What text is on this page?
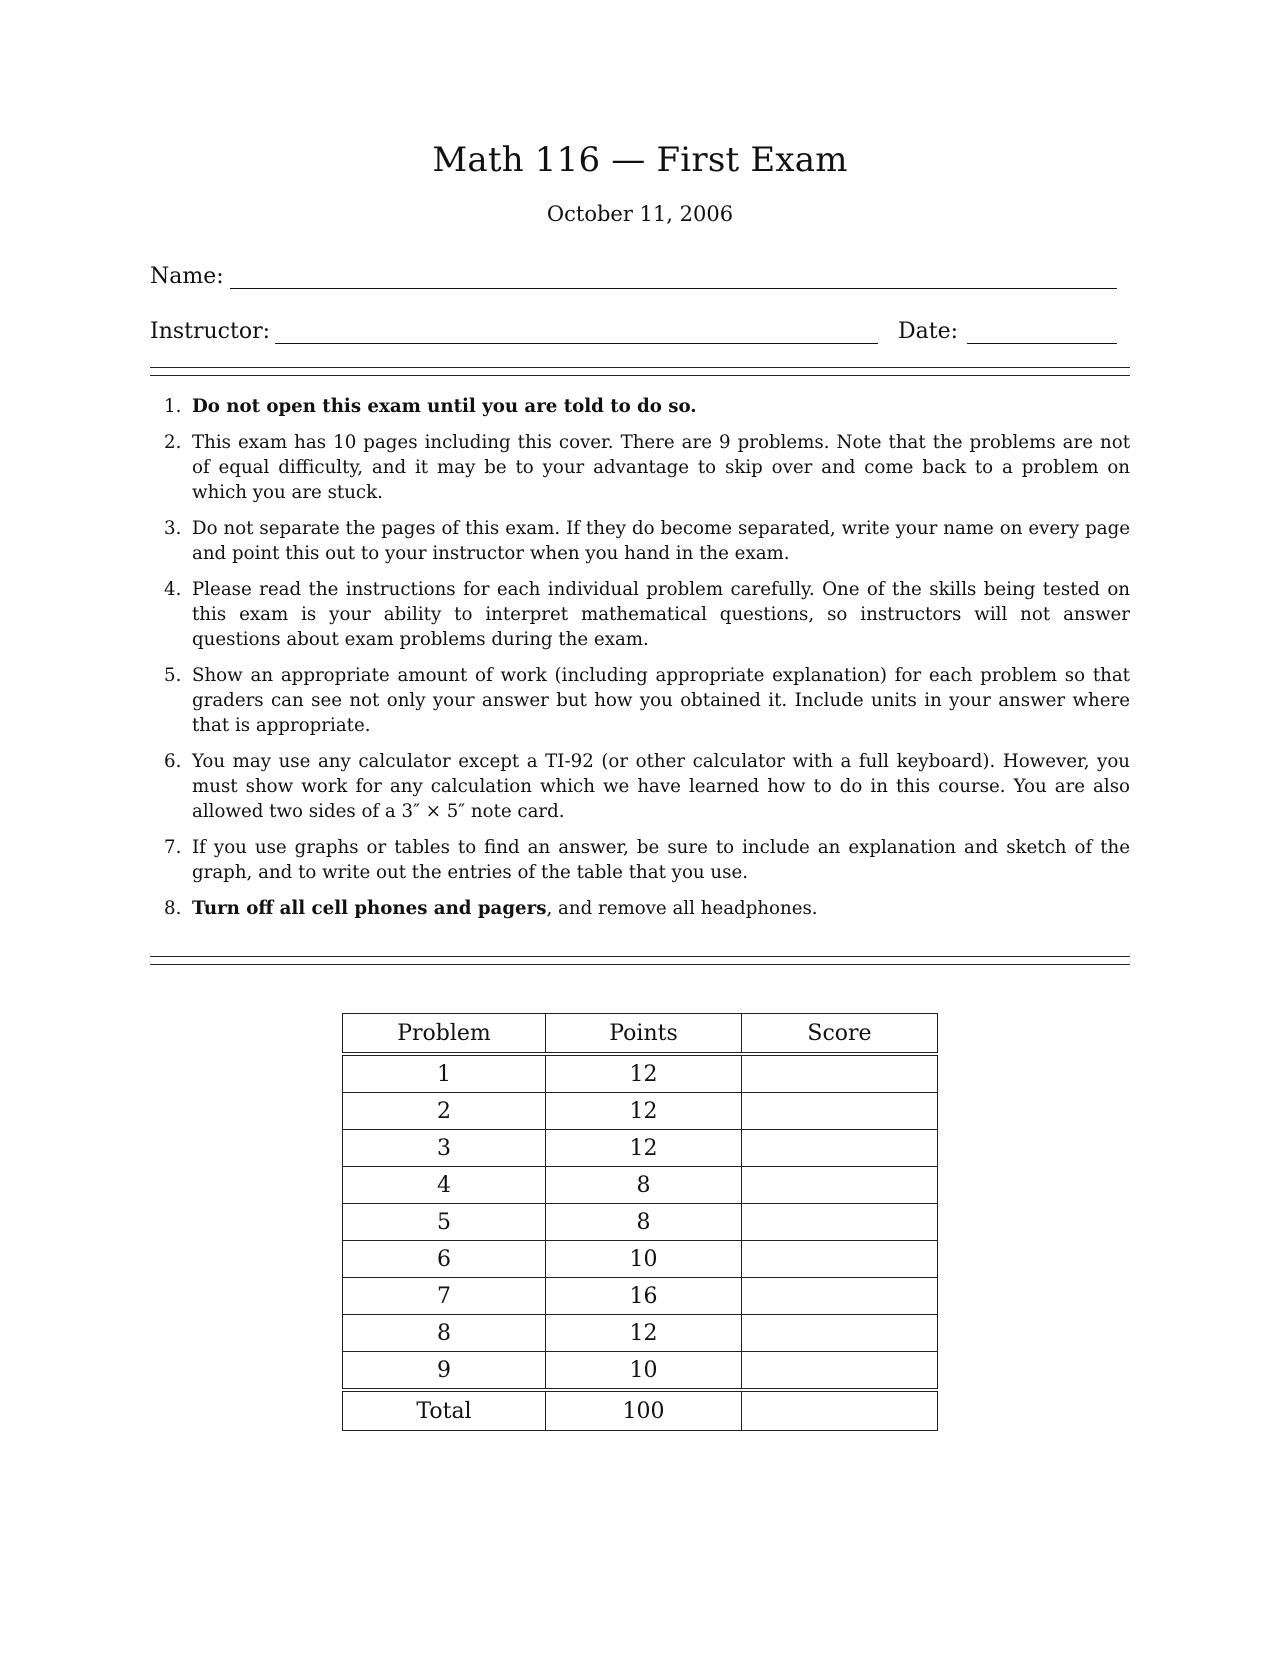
Math 116 — First Exam
October 11, 2006
Name:
Instructor:	Date:
1. Do not open this exam until you are told to do so.
2. This exam has 10 pages including this cover. There are 9 problems. Note that the problems are not of equal difficulty, and it may be to your advantage to skip over and come back to a problem on which you are stuck.
3. Do not separate the pages of this exam. If they do become separated, write your name on every page and point this out to your instructor when you hand in the exam.
4. Please read the instructions for each individual problem carefully. One of the skills being tested on this exam is your ability to interpret mathematical questions, so instructors will not answer questions about exam problems during the exam.
5. Show an appropriate amount of work (including appropriate explanation) for each problem so that graders can see not only your answer but how you obtained it. Include units in your answer where that is appropriate.
6. You may use any calculator except a TI-92 (or other calculator with a full keyboard). However, you must show work for any calculation which we have learned how to do in this course. You are also allowed two sides of a 3″ × 5″ note card.
7. If you use graphs or tables to find an answer, be sure to include an explanation and sketch of the graph, and to write out the entries of the table that you use.
8. Turn off all cell phones and pagers, and remove all headphones.
Problem	Points	Score
1	12	
2	12	
3	12	
4	8	
5	8	
6	10	
7	16	
8	12	
9	10	
Total	100	
